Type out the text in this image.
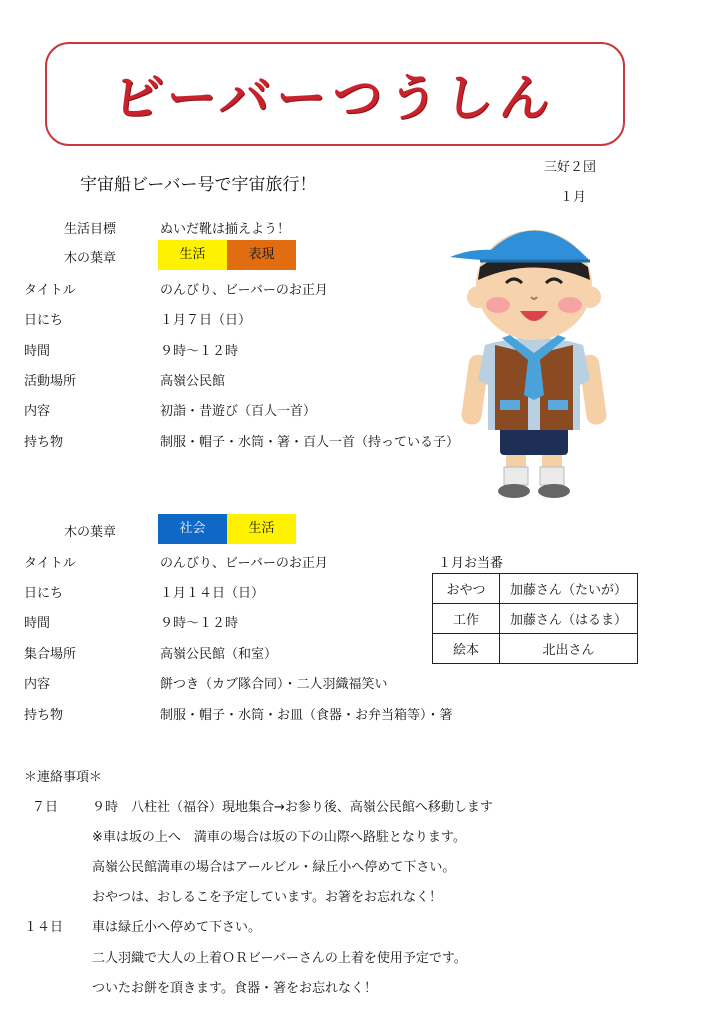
ビーバーつうしん
宇宙船ビーバー号で宇宙旅行！
三好２団
１月
生活目標	ぬいだ靴は揃えよう！
木の葉章	生活	表現
タイトル	のんびり、ビーバーのお正月
日にち	１月７日（日）
時間	９時～１２時
活動場所	高嶺公民館
内容	初詣・昔遊び（百人一首）
持ち物	制服・帽子・水筒・箸・百人一首（持っている子）
木の葉章	社会	生活
タイトル	のんびり、ビーバーのお正月
日にち	１月１４日（日）
時間	９時～１２時
集合場所	高嶺公民館（和室）
内容	餅つき（カブ隊合同）・二人羽織福笑い
持ち物	制服・帽子・水筒・お皿（食器・お弁当箱等）・箸
１月お当番
おやつ	加藤さん（たいが）
工作	加藤さん（はるま）
絵本	北出さん
＊連絡事項＊
７日	９時　八柱社（福谷）現地集合→お参り後、高嶺公民館へ移動します
※車は坂の上へ　満車の場合は坂の下の山際へ路駐となります。
高嶺公民館満車の場合はアールビル・緑丘小へ停めて下さい。
おやつは、おしるこを予定しています。お箸をお忘れなく！
１４日 車は緑丘小へ停めて下さい。
二人羽織で大人の上着ＯＲビーバーさんの上着を使用予定です。
ついたお餅を頂きます。食器・箸をお忘れなく！
